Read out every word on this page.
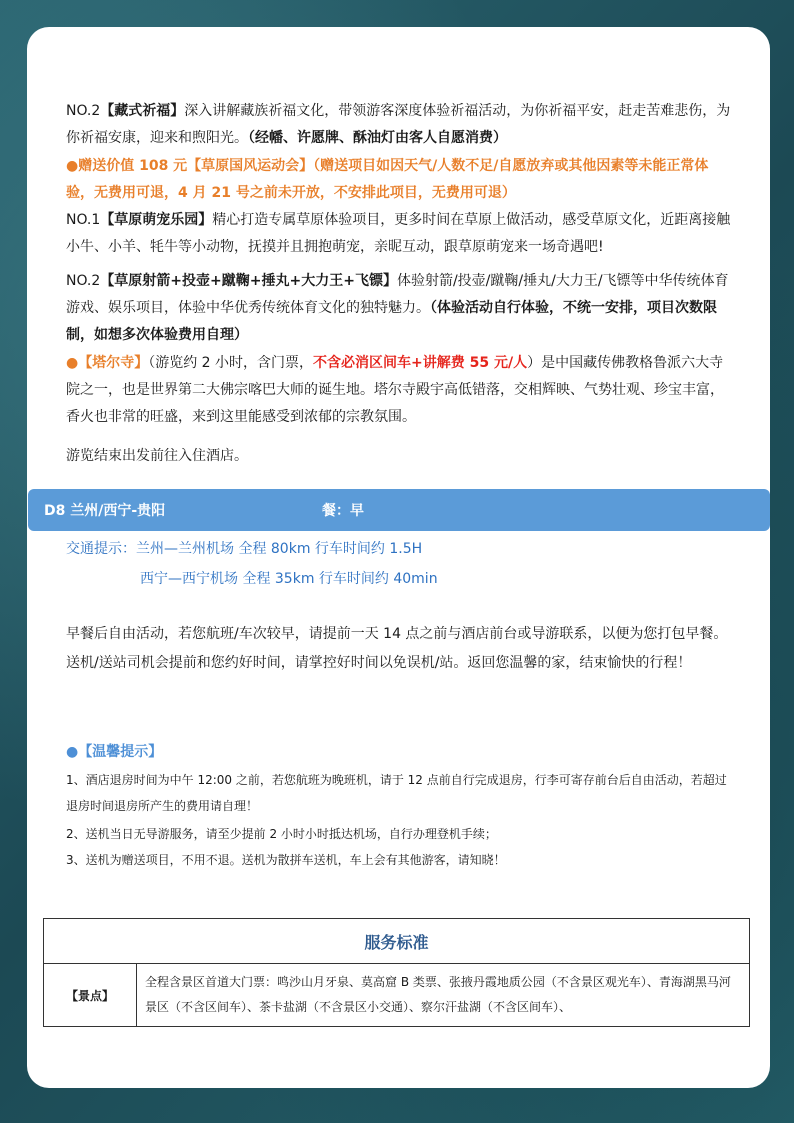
NO.2【藏式祈福】深入讲解藏族祈福文化，带领游客深度体验祈福活动，为你祈福平安，赶走苦难悲伤，为你祈福安康，迎来和煦阳光。（经幡、许愿牌、酥油灯由客人自愿消费）
●赠送价值 108 元【草原国风运动会】（赠送项目如因天气/人数不足/自愿放弃或其他因素等未能正常体验，无费用可退，4 月 21 号之前未开放，不安排此项目，无费用可退）
NO.1【草原萌宠乐园】精心打造专属草原体验项目，更多时间在草原上做活动，感受草原文化，近距离接触小牛、小羊、牦牛等小动物，抚摸并且拥抱萌宠，亲昵互动，跟草原萌宠来一场奇遇吧!
NO.2【草原射箭+投壶+蹴鞠+捶丸+大力王+飞镖】体验射箭/投壶/蹴鞠/捶丸/大力王/飞镖等中华传统体育游戏、娱乐项目，体验中华优秀传统体育文化的独特魅力。（体验活动自行体验，不统一安排，项目次数限制，如想多次体验费用自理）
●【塔尔寺】（游览约 2 小时，含门票，不含必消区间车+讲解费 55 元/人）是中国藏传佛教格鲁派六大寺院之一，也是世界第二大佛宗喀巴大师的诞生地。塔尔寺殿宇高低错落，交相辉映、气势壮观、珍宝丰富，香火也非常的旺盛，来到这里能感受到浓郁的宗教氛围。
游览结束出发前往入住酒店。
D8 兰州/西宁-贵阳	餐：早
交通提示：兰州—兰州机场 全程 80km 行车时间约 1.5H
西宁—西宁机场 全程 35km 行车时间约 40min
早餐后自由活动，若您航班/车次较早，请提前一天 14 点之前与酒店前台或导游联系，以便为您打包早餐。送机/送站司机会提前和您约好时间，请掌控好时间以免误机/站。返回您温馨的家，结束愉快的行程！
●【温馨提示】
1、酒店退房时间为中午 12:00 之前，若您航班为晚班机，请于 12 点前自行完成退房，行李可寄存前台后自由活动，若超过退房时间退房所产生的费用请自理！
2、送机当日无导游服务，请至少提前 2 小时小时抵达机场，自行办理登机手续；
3、送机为赠送项目，不用不退。送机为散拼车送机，车上会有其他游客，请知晓！
服务标准
【景点】	全程含景区首道大门票：鸣沙山月牙泉、莫高窟 B 类票、张掖丹霞地质公园（不含景区观光车）、青海湖黑马河景区（不含区间车）、茶卡盐湖（不含景区小交通）、察尔汗盐湖（不含区间车）、
